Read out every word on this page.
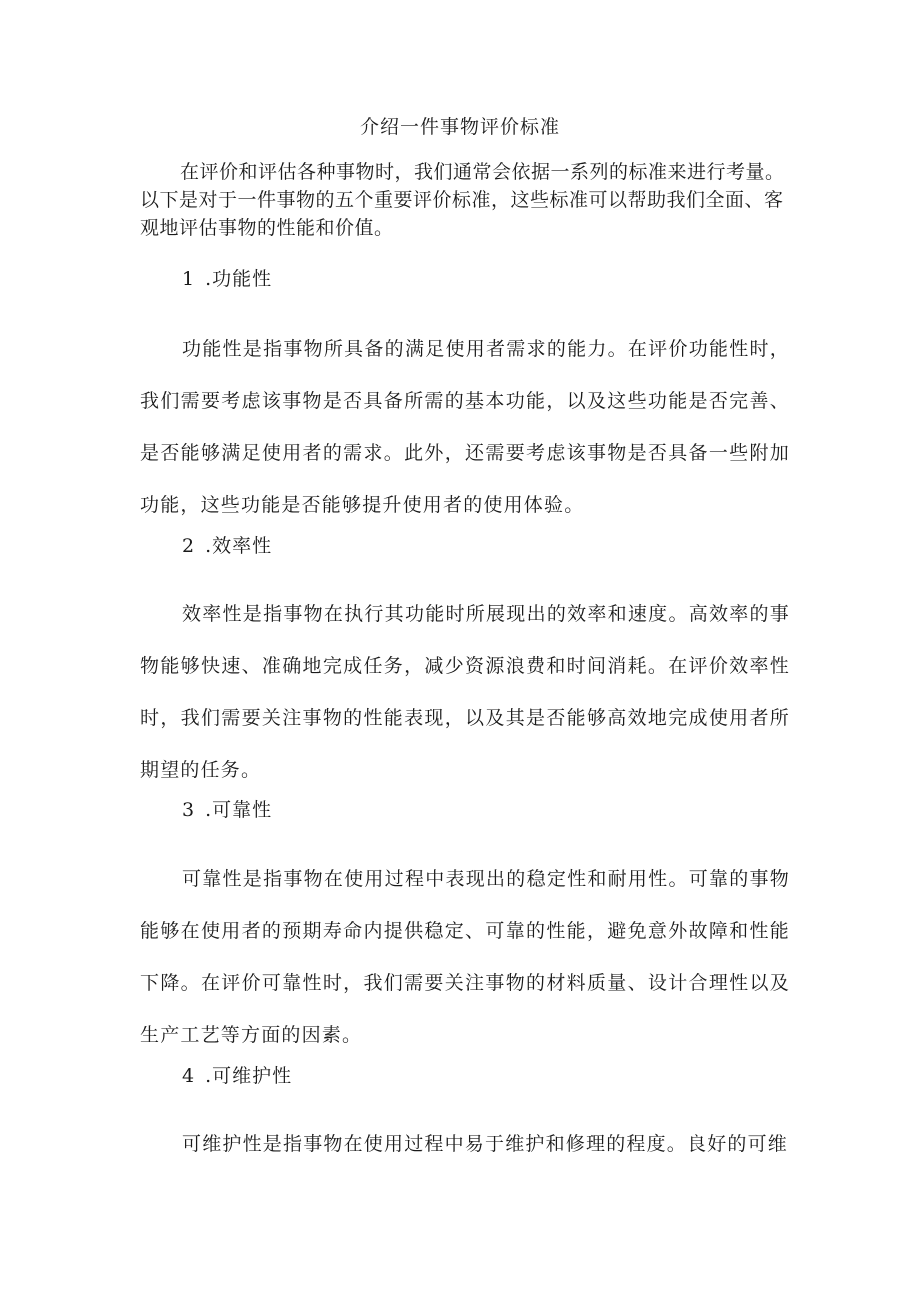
介绍一件事物评价标准
在评价和评估各种事物时，我们通常会依据一系列的标准来进行考量。以下是对于一件事物的五个重要评价标准，这些标准可以帮助我们全面、客观地评估事物的性能和价值。
1 .功能性
功能性是指事物所具备的满足使用者需求的能力。在评价功能性时，我们需要考虑该事物是否具备所需的基本功能，以及这些功能是否完善、是否能够满足使用者的需求。此外，还需要考虑该事物是否具备一些附加功能，这些功能是否能够提升使用者的使用体验。
2 .效率性
效率性是指事物在执行其功能时所展现出的效率和速度。高效率的事物能够快速、准确地完成任务，减少资源浪费和时间消耗。在评价效率性时，我们需要关注事物的性能表现，以及其是否能够高效地完成使用者所期望的任务。
3 .可靠性
可靠性是指事物在使用过程中表现出的稳定性和耐用性。可靠的事物能够在使用者的预期寿命内提供稳定、可靠的性能，避免意外故障和性能下降。在评价可靠性时，我们需要关注事物的材料质量、设计合理性以及生产工艺等方面的因素。
4 .可维护性
可维护性是指事物在使用过程中易于维护和修理的程度。良好的可维
